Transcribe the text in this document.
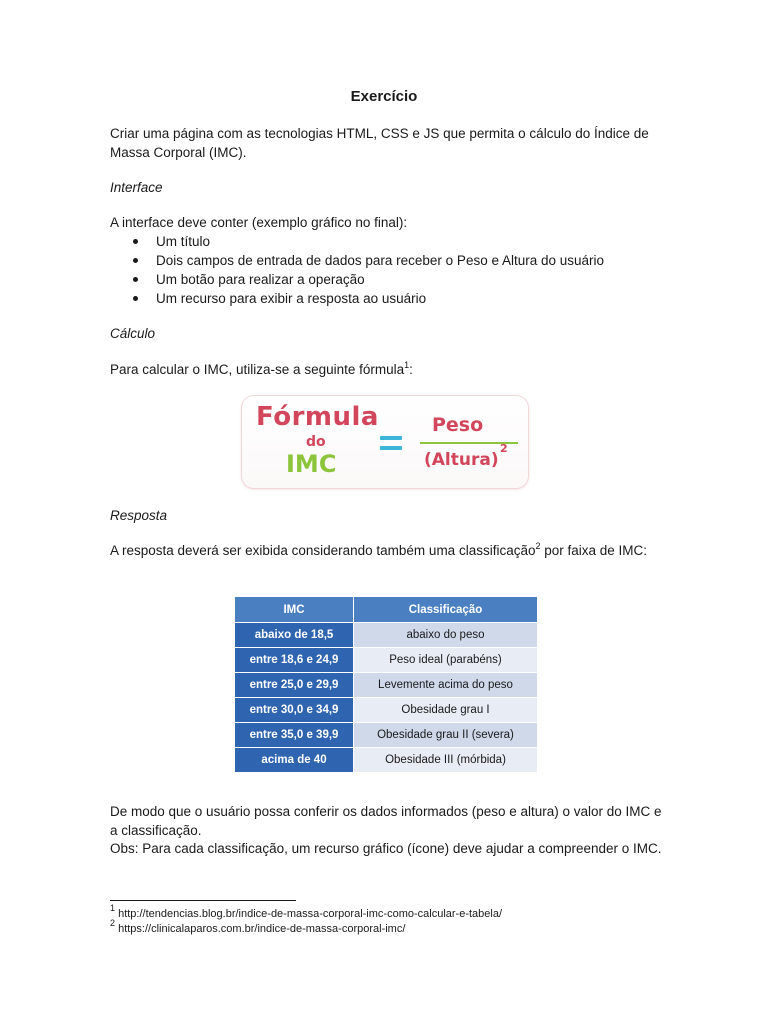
Exercício
Criar uma página com as tecnologias HTML, CSS e JS que permita o cálculo do Índice de Massa Corporal (IMC).
Interface
A interface deve conter (exemplo gráfico no final):
Um título
Dois campos de entrada de dados para receber o Peso e Altura do usuário
Um botão para realizar a operação
Um recurso para exibir a resposta ao usuário
Cálculo
Para calcular o IMC, utiliza-se a seguinte fórmula$^1$:
Fórmula
do
IMC
Peso
(Altura)
2
Resposta
A resposta deverá ser exibida considerando também uma classificação$^2$ por faixa de IMC:
IMC	Classificação
abaixo de 18,5	abaixo do peso
entre 18,6 e 24,9	Peso ideal (parabéns)
entre 25,0 e 29,9	Levemente acima do peso
entre 30,0 e 34,9	Obesidade grau I
entre 35,0 e 39,9	Obesidade grau II (severa)
acima de 40	Obesidade III (mórbida)
De modo que o usuário possa conferir os dados informados (peso e altura) o valor do IMC e a classificação.
Obs: Para cada classificação, um recurso gráfico (ícone) deve ajudar a compreender o IMC.
$^1$ http://tendencias.blog.br/indice-de-massa-corporal-imc-como-calcular-e-tabela/
$^2$ https://clinicalaparos.com.br/indice-de-massa-corporal-imc/
